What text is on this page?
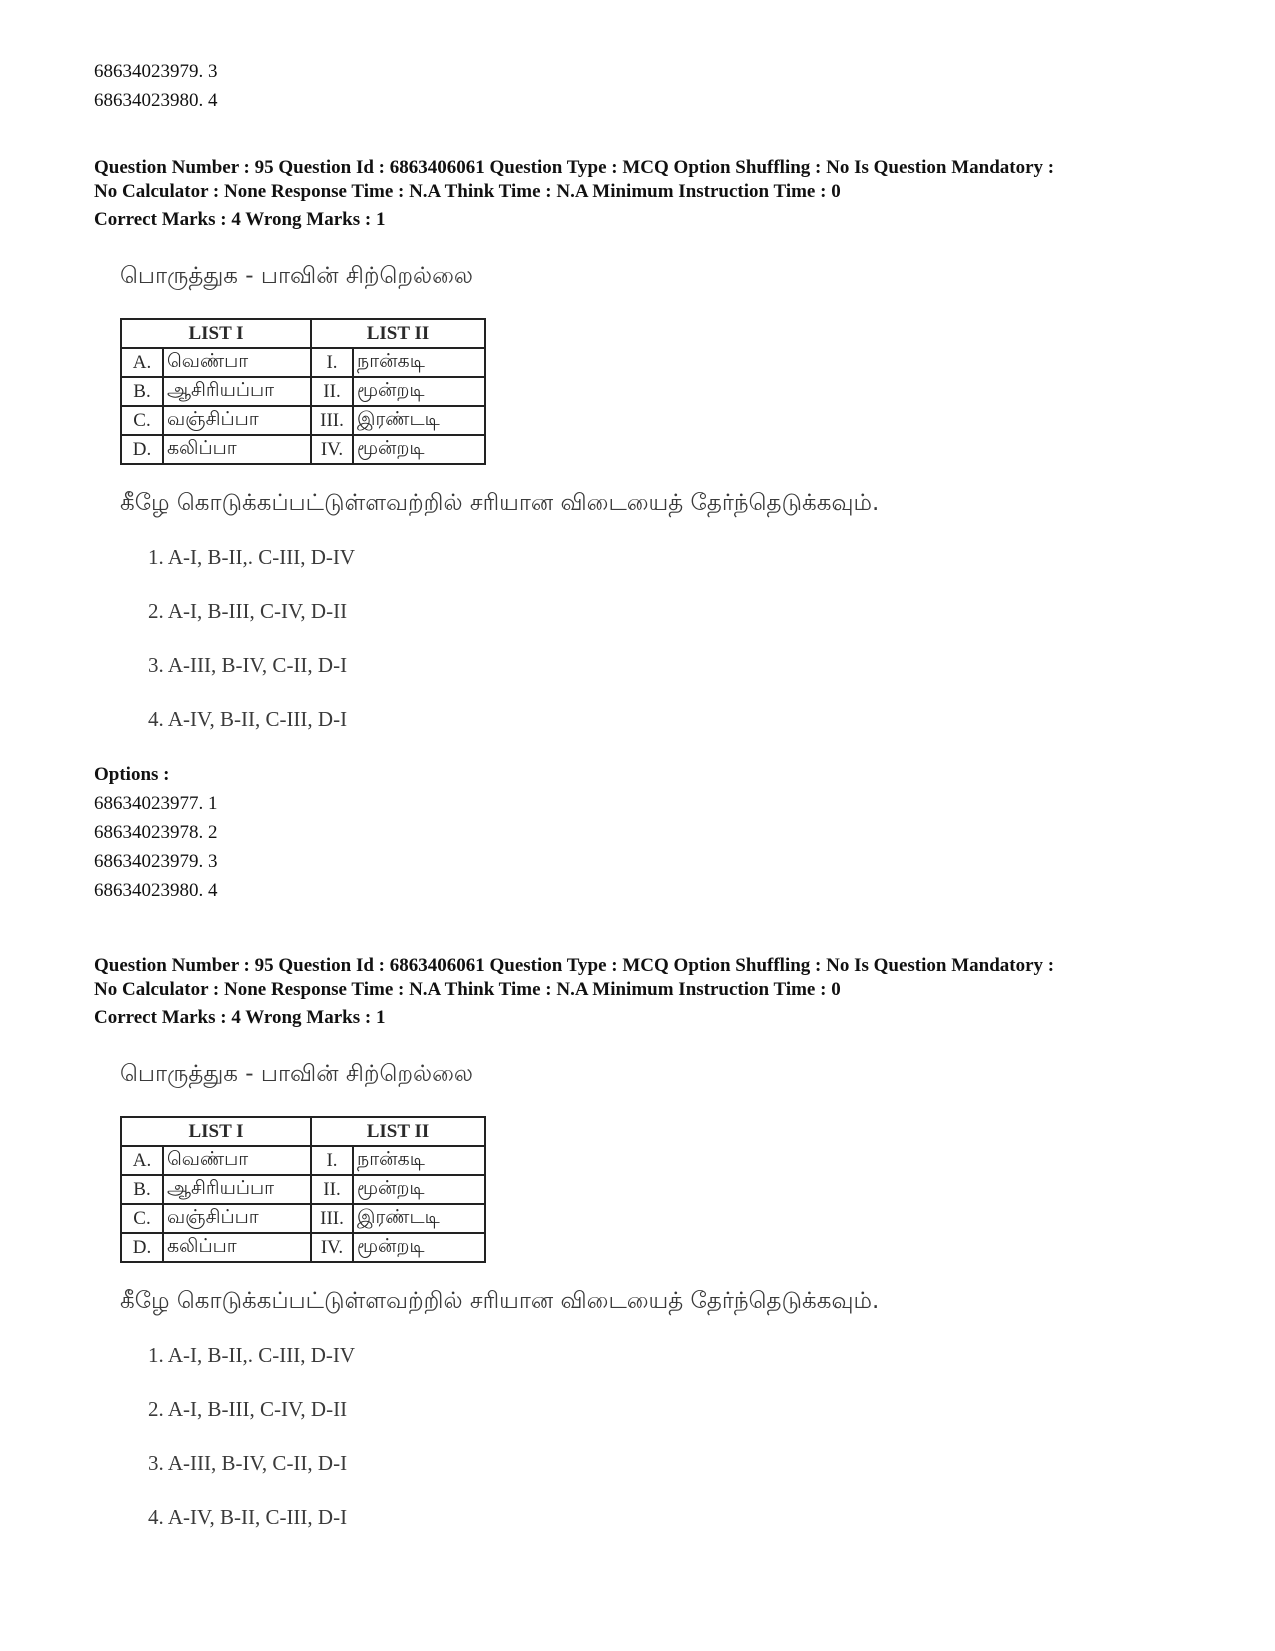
68634023979. 3
68634023980. 4
Question Number : 95 Question Id : 6863406061 Question Type : MCQ Option Shuffling : No Is Question Mandatory :
No Calculator : None Response Time : N.A Think Time : N.A Minimum Instruction Time : 0
Correct Marks : 4 Wrong Marks : 1
பொருத்துக - பாவின் சிற்றெல்லை
LIST I		LIST II	
A.	வெண்பா	I.	நான்கடி
B.	ஆசிரியப்பா	II.	மூன்றடி
C.	வஞ்சிப்பா	III.	இரண்டடி
D.	கலிப்பா	IV.	மூன்றடி
கீழே கொடுக்கப்பட்டுள்ளவற்றில் சரியான விடையைத் தேர்ந்தெடுக்கவும்.
1. A-I, B-II,. C-III, D-IV
2. A-I, B-III, C-IV, D-II
3. A-III, B-IV, C-II, D-I
4. A-IV, B-II, C-III, D-I
Options :
68634023977. 1
68634023978. 2
68634023979. 3
68634023980. 4
Question Number : 95 Question Id : 6863406061 Question Type : MCQ Option Shuffling : No Is Question Mandatory :
No Calculator : None Response Time : N.A Think Time : N.A Minimum Instruction Time : 0
Correct Marks : 4 Wrong Marks : 1
பொருத்துக - பாவின் சிற்றெல்லை
LIST I		LIST II	
A.	வெண்பா	I.	நான்கடி
B.	ஆசிரியப்பா	II.	மூன்றடி
C.	வஞ்சிப்பா	III.	இரண்டடி
D.	கலிப்பா	IV.	மூன்றடி
கீழே கொடுக்கப்பட்டுள்ளவற்றில் சரியான விடையைத் தேர்ந்தெடுக்கவும்.
1. A-I, B-II,. C-III, D-IV
2. A-I, B-III, C-IV, D-II
3. A-III, B-IV, C-II, D-I
4. A-IV, B-II, C-III, D-I
